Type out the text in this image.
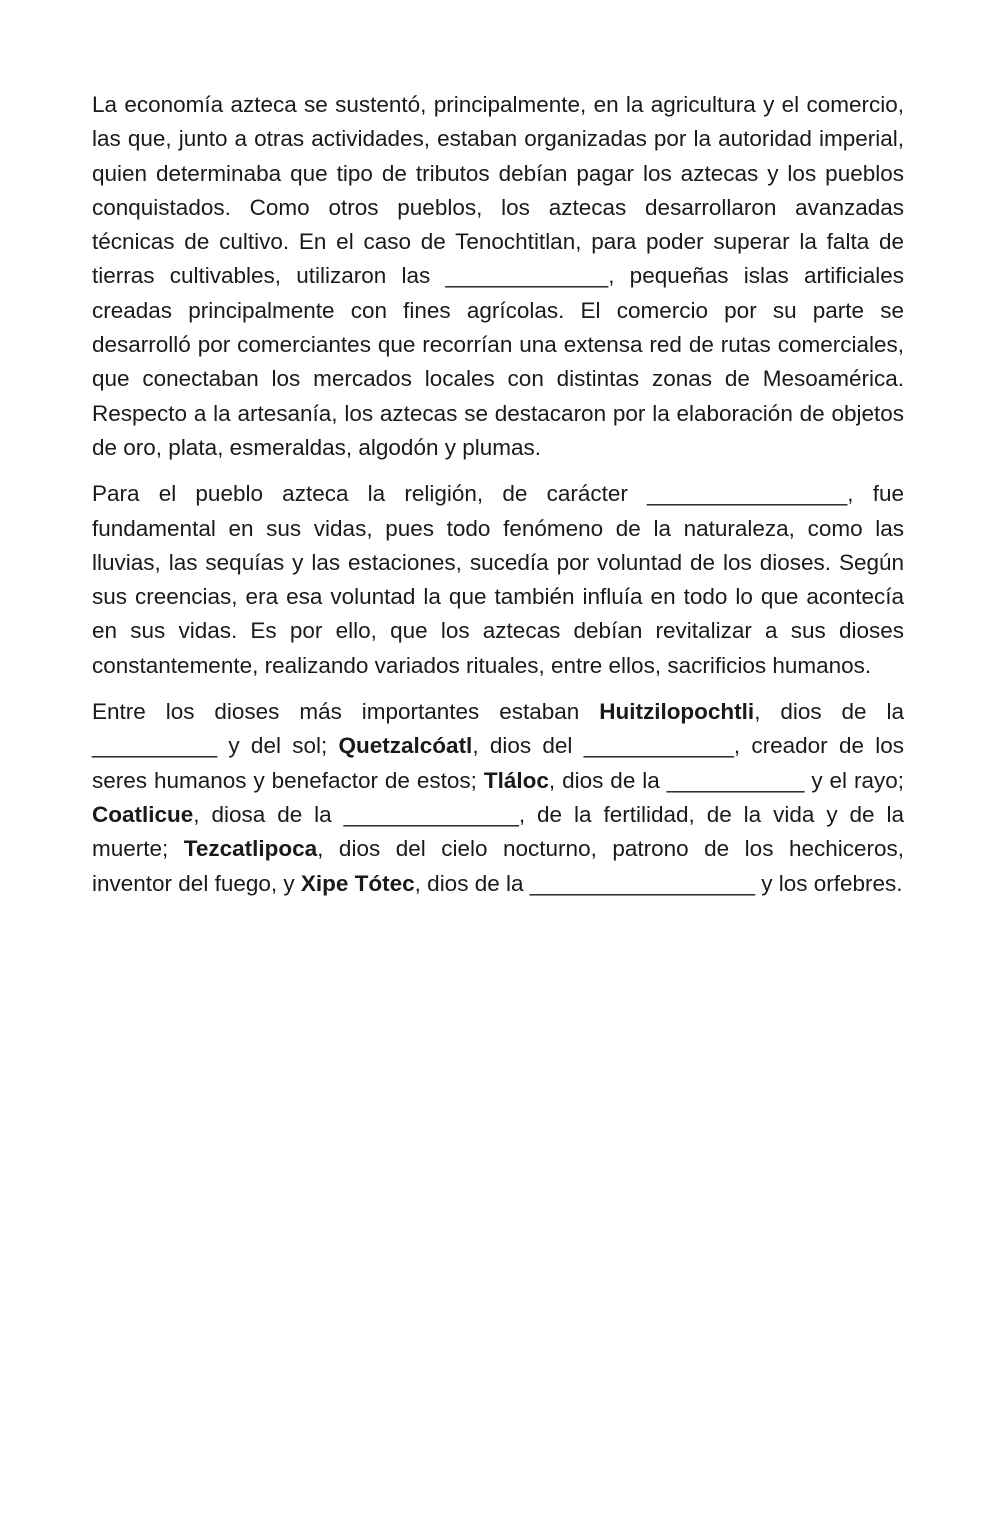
La economía azteca se sustentó, principalmente, en la agricultura y el comercio, las que, junto a otras actividades, estaban organizadas por la autoridad imperial, quien determinaba que tipo de tributos debían pagar los aztecas y los pueblos conquistados. Como otros pueblos, los aztecas desarrollaron avanzadas técnicas de cultivo. En el caso de Tenochtitlan, para poder superar la falta de tierras cultivables, utilizaron las _____________, pequeñas islas artificiales creadas principalmente con fines agrícolas. El comercio por su parte se desarrolló por comerciantes que recorrían una extensa red de rutas comerciales, que conectaban los mercados locales con distintas zonas de Mesoamérica. Respecto a la artesanía, los aztecas se destacaron por la elaboración de objetos de oro, plata, esmeraldas, algodón y plumas.

Para el pueblo azteca la religión, de carácter ________________, fue fundamental en sus vidas, pues todo fenómeno de la naturaleza, como las lluvias, las sequías y las estaciones, sucedía por voluntad de los dioses. Según sus creencias, era esa voluntad la que también influía en todo lo que acontecía en sus vidas. Es por ello, que los aztecas debían revitalizar a sus dioses constantemente, realizando variados rituales, entre ellos, sacrificios humanos.

Entre los dioses más importantes estaban Huitzilopochtli, dios de la __________ y del sol; Quetzalcóatl, dios del ____________, creador de los seres humanos y benefactor de estos; Tláloc, dios de la ___________ y el rayo; Coatlicue, diosa de la ______________, de la fertilidad, de la vida y de la muerte; Tezcatlipoca, dios del cielo nocturno, patrono de los hechiceros, inventor del fuego, y Xipe Tótec, dios de la __________________ y los orfebres.
